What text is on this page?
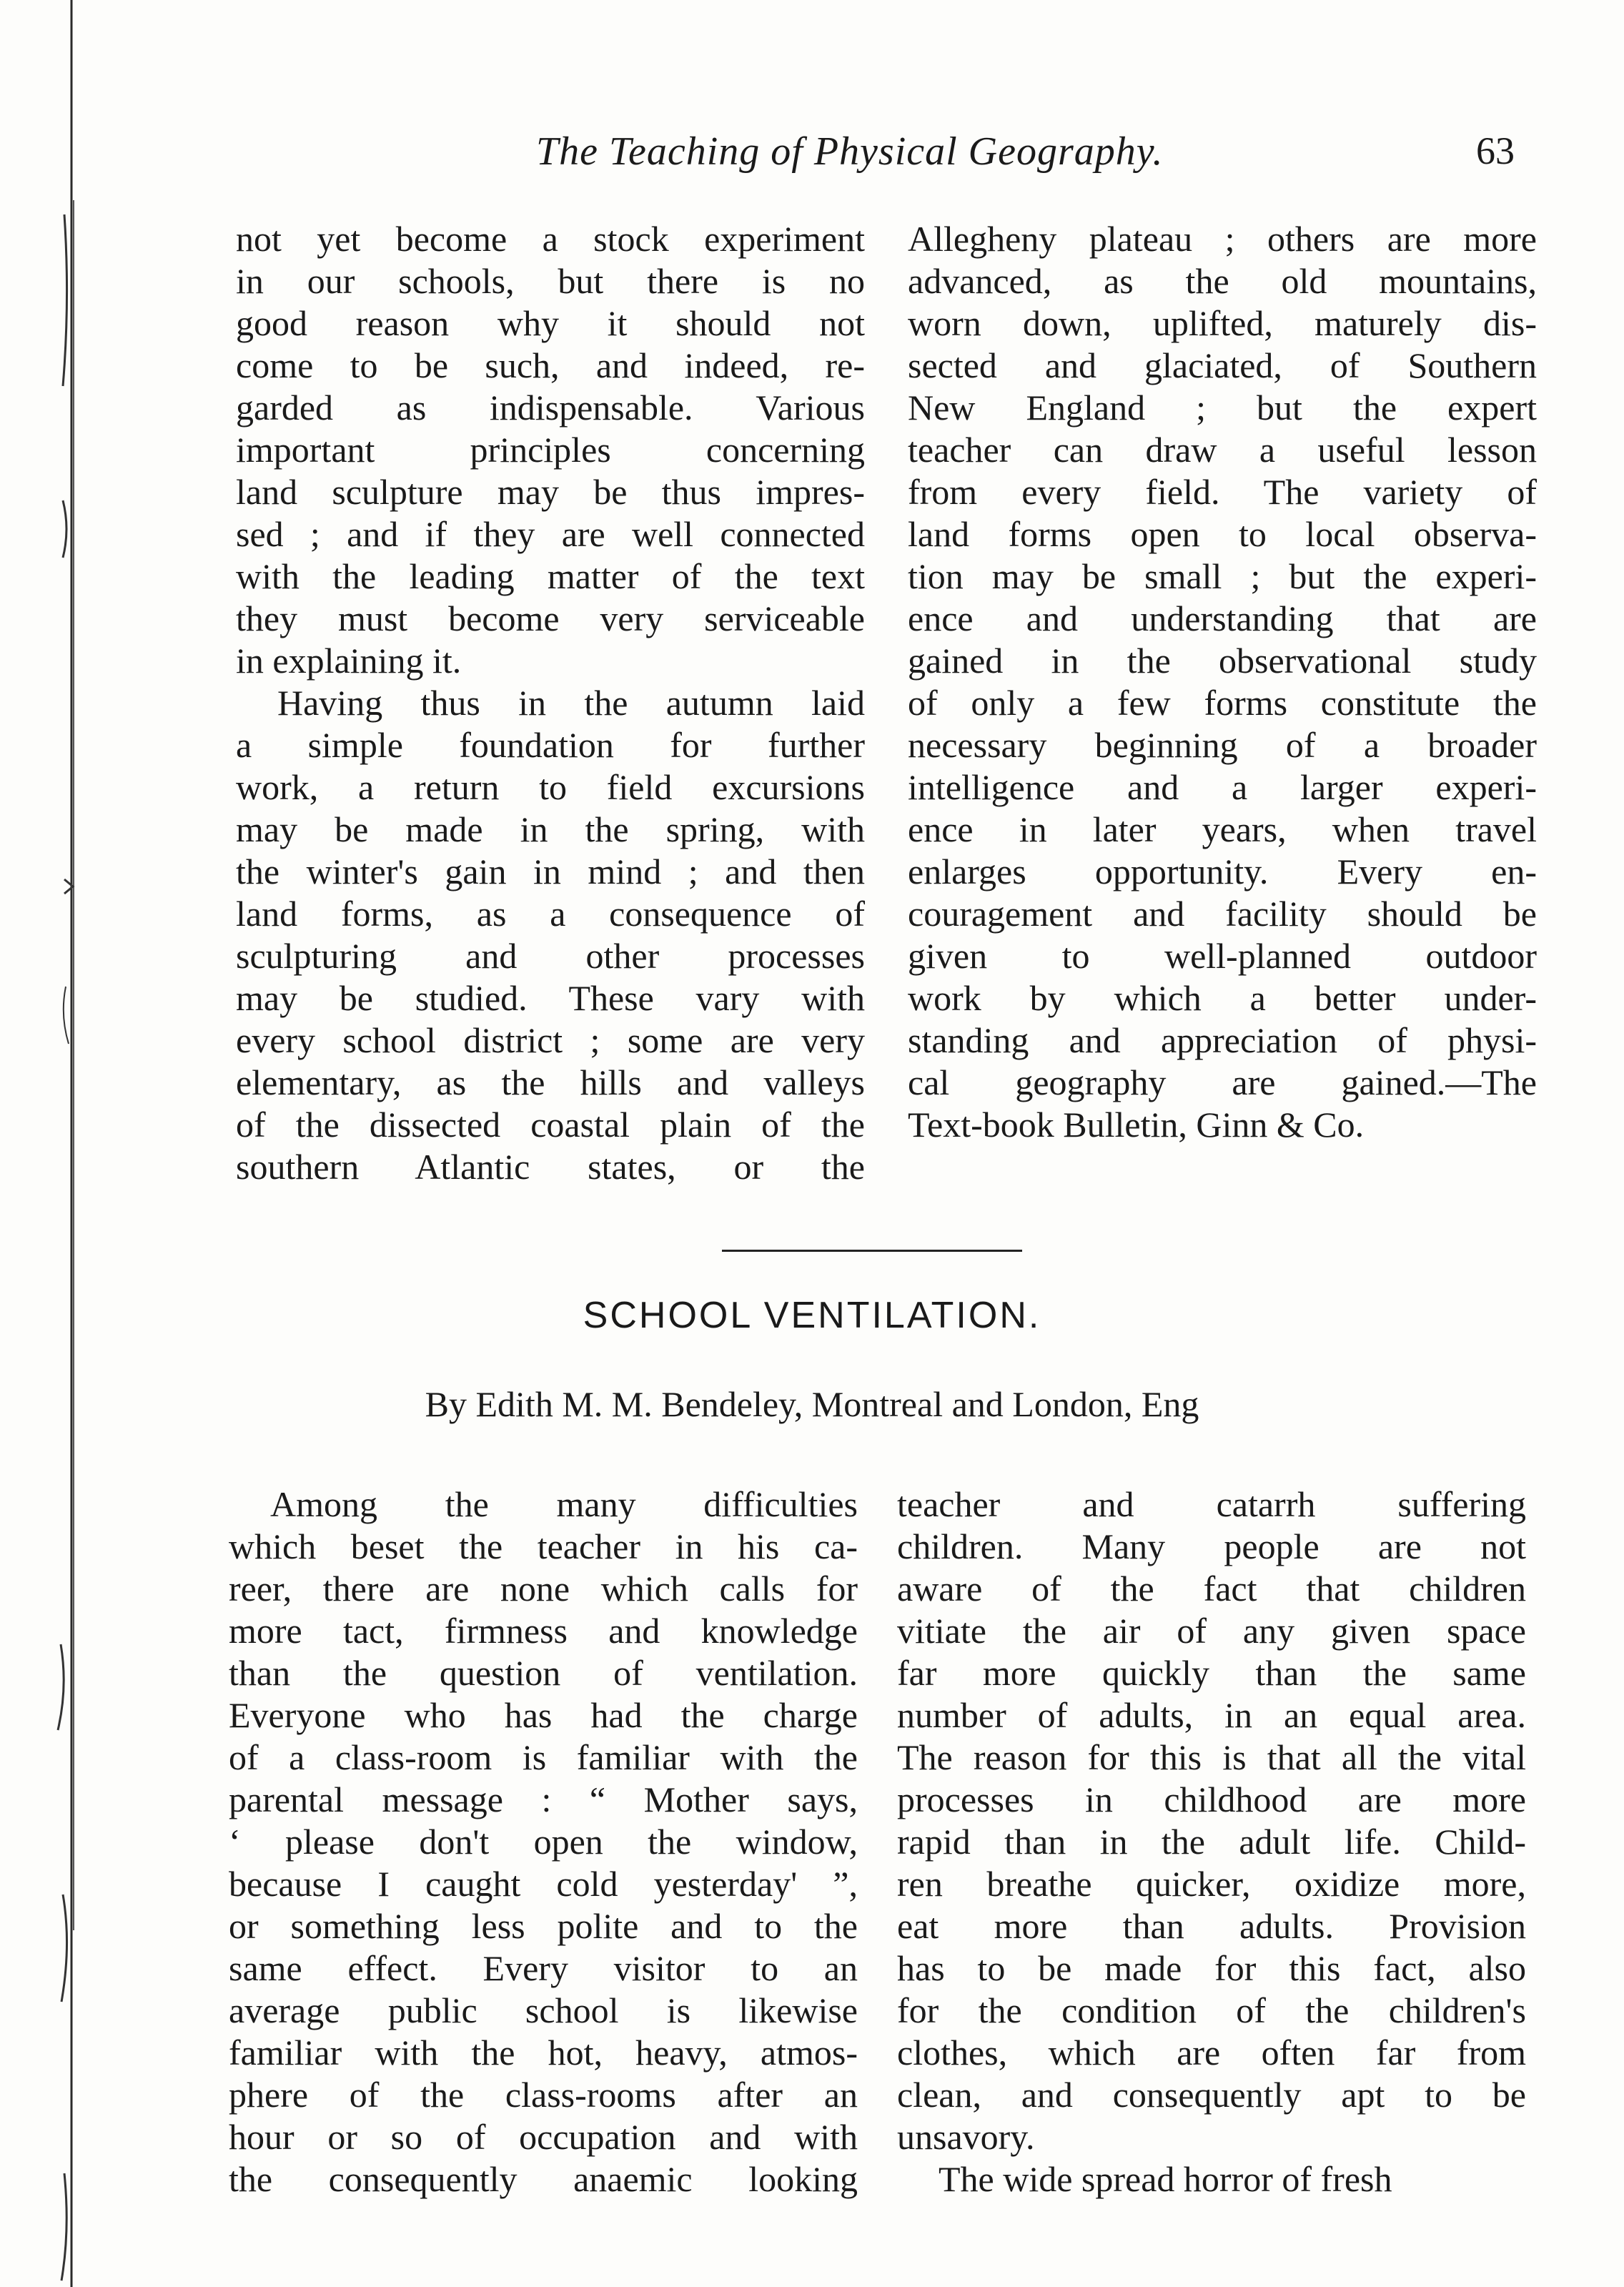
The Teaching of Physical Geography.	63
not yet become a stock experiment
in our schools, but there is no
good reason why it should not
come to be such, and indeed, re-
garded as indispensable. Various
important principles concerning
land sculpture may be thus impres-
sed ; and if they are well connected
with the leading matter of the text
they must become very serviceable
in explaining it.
Having thus in the autumn laid
a simple foundation for further
work, a return to field excursions
may be made in the spring, with
the winter's gain in mind ; and then
land forms, as a consequence of
sculpturing and other processes
may be studied. These vary with
every school district ; some are very
elementary, as the hills and valleys
of the dissected coastal plain of the
southern Atlantic states, or the
Allegheny plateau ; others are more
advanced, as the old mountains,
worn down, uplifted, maturely dis-
sected and glaciated, of Southern
New England ; but the expert
teacher can draw a useful lesson
from every field. The variety of
land forms open to local observa-
tion may be small ; but the experi-
ence and understanding that are
gained in the observational study
of only a few forms constitute the
necessary beginning of a broader
intelligence and a larger experi-
ence in later years, when travel
enlarges opportunity. Every en-
couragement and facility should be
given to well-planned outdoor
work by which a better under-
standing and appreciation of physi-
cal geography are gained.—The
Text-book Bulletin, Ginn & Co.
SCHOOL VENTILATION.
By Edith M. M. Bendeley, Montreal and London, Eng
Among the many difficulties
which beset the teacher in his ca-
reer, there are none which calls for
more tact, firmness and knowledge
than the question of ventilation.
Everyone who has had the charge
of a class-room is familiar with the
parental message : “ Mother says,
‘ please don't open the window,
because I caught cold yesterday' ”,
or something less polite and to the
same effect. Every visitor to an
average public school is likewise
familiar with the hot, heavy, atmos-
phere of the class-rooms after an
hour or so of occupation and with
the consequently anaemic looking
teacher and catarrh suffering
children. Many people are not
aware of the fact that children
vitiate the air of any given space
far more quickly than the same
number of adults, in an equal area.
The reason for this is that all the vital
processes in childhood are more
rapid than in the adult life. Child-
ren breathe quicker, oxidize more,
eat more than adults. Provision
has to be made for this fact, also
for the condition of the children's
clothes, which are often far from
clean, and consequently apt to be
unsavory.
The wide spread horror of fresh
